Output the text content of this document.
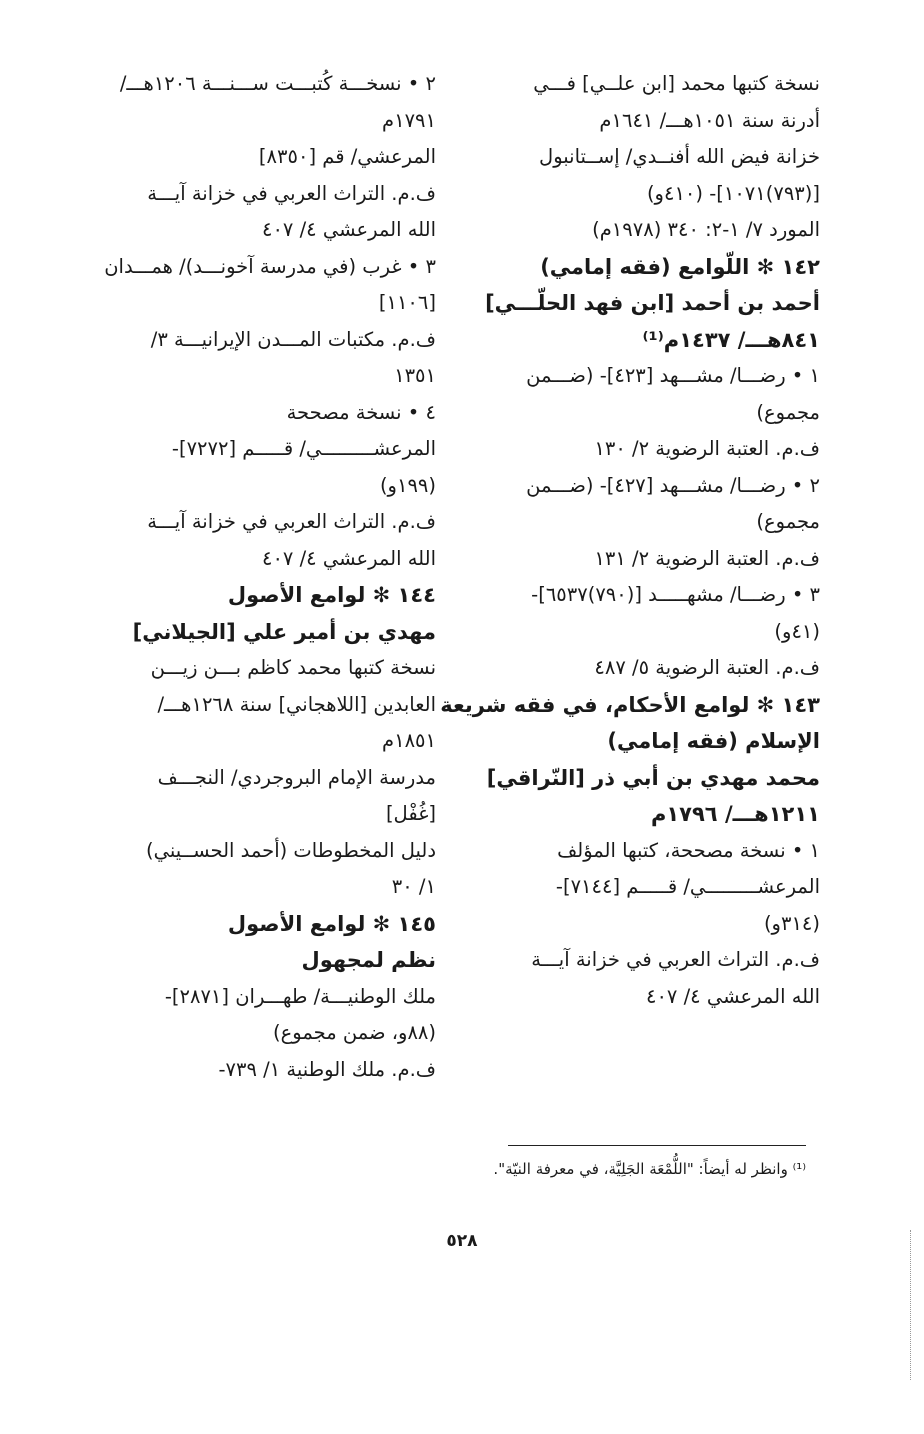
نسخة كتبها محمد [ابن علــي] فـــي
أدرنة سنة ١٠٥١هـــ/ ١٦٤١م
خزانة فيض الله أفنــدي/ إســتانبول
[(٧٩٣)١٠٧١]- (٤١٠و)
المورد ٧/ ١-٢: ٣٤٠ (١٩٧٨م)
١٤٢ ✻ اللّوامع (فقه إمامي)
أحمد بن أحمد [ابن فهد الحلّـــي]
٨٤١هـــ/ ١٤٣٧م⁽¹⁾
١ • رضـــا/ مشـــهد [٤٢٣]- (ضـــمن
مجموع)
ف.م. العتبة الرضوية ٢/ ١٣٠
٢ • رضـــا/ مشـــهد [٤٢٧]- (ضـــمن
مجموع)
ف.م. العتبة الرضوية ٢/ ١٣١
٣ • رضـــا/ مشهـــــد [(٧٩٠)٦٥٣٧]-
(٤١و)
ف.م. العتبة الرضوية ٥/ ٤٨٧
١٤٣ ✻ لوامع الأحكام، في فقه شريعة
الإسلام (فقه إمامي)
محمد مهدي بن أبي ذر [النّراقي]
١٢١١هـــ/ ١٧٩٦م
١ • نسخة مصححة، كتبها المؤلف
المرعشـــــــــي/ قـــــم [٧١٤٤]-
(٣١٤و)
ف.م. التراث العربي في خزانة آيـــة
الله المرعشي ٤/ ٤٠٧
٢ • نسخـــة كُتبـــت ســـنـــة ١٢٠٦هـــ/
١٧٩١م
المرعشي/ قم [٨٣٥٠]
ف.م. التراث العربي في خزانة آيـــة
الله المرعشي ٤/ ٤٠٧
٣ • غرب (في مدرسة آخونـــد)/ همـــدان
[١١٠٦]
ف.م. مكتبات المـــدن الإيرانيـــة ٣/
١٣٥١
٤ • نسخة مصححة
المرعشـــــــــي/ قـــــم [٧٢٧٢]-
(١٩٩و)
ف.م. التراث العربي في خزانة آيـــة
الله المرعشي ٤/ ٤٠٧
١٤٤ ✻ لوامع الأصول
مهدي بن أمير علي [الجيلاني]
نسخة كتبها محمد كاظم بـــن زيـــن
العابدين [اللاهجاني] سنة ١٢٦٨هـــ/
١٨٥١م
مدرسة الإمام البروجردي/ النجـــف
[غُفْل]
دليل المخطوطات (أحمد الحســيني)
١/ ٣٠
١٤٥ ✻ لوامع الأصول
نظم لمجهول
ملك الوطنيـــة/ طهـــران [٢٨٧١]-
(٨٨و، ضمن مجموع)
ف.م. ملك الوطنية ١/ ٧٣٩-
⁽¹⁾ وانظر له أيضاً: "اللُّمْعَة الجَلِيَّة، في معرفة النيّة".
٥٢٨
